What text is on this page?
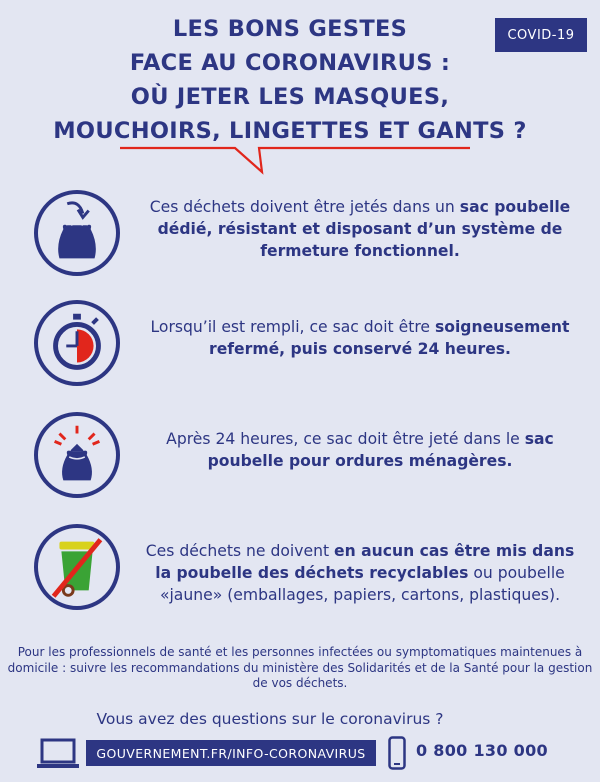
COVID-19
LES BONS GESTES
FACE AU CORONAVIRUS :
OÙ JETER LES MASQUES,
MOUCHOIRS, LINGETTES ET GANTS ?
Ces déchets doivent être jetés dans un sac poubelle dédié, résistant et disposant d’un système de fermeture fonctionnel.
Lorsqu’il est rempli, ce sac doit être soigneusement refermé, puis conservé 24 heures.
Après 24 heures, ce sac doit être jeté dans le sac poubelle pour ordures ménagères.
Ces déchets ne doivent en aucun cas être mis dans la poubelle des déchets recyclables ou poubelle «jaune» (emballages, papiers, cartons, plastiques).
Pour les professionnels de santé et les personnes infectées ou symptomatiques maintenues à domicile : suivre les recommandations du ministère des Solidarités et de la Santé pour la gestion de vos déchets.
Vous avez des questions sur le coronavirus ?
GOUVERNEMENT.FR/INFO-CORONAVIRUS	0 800 130 000
